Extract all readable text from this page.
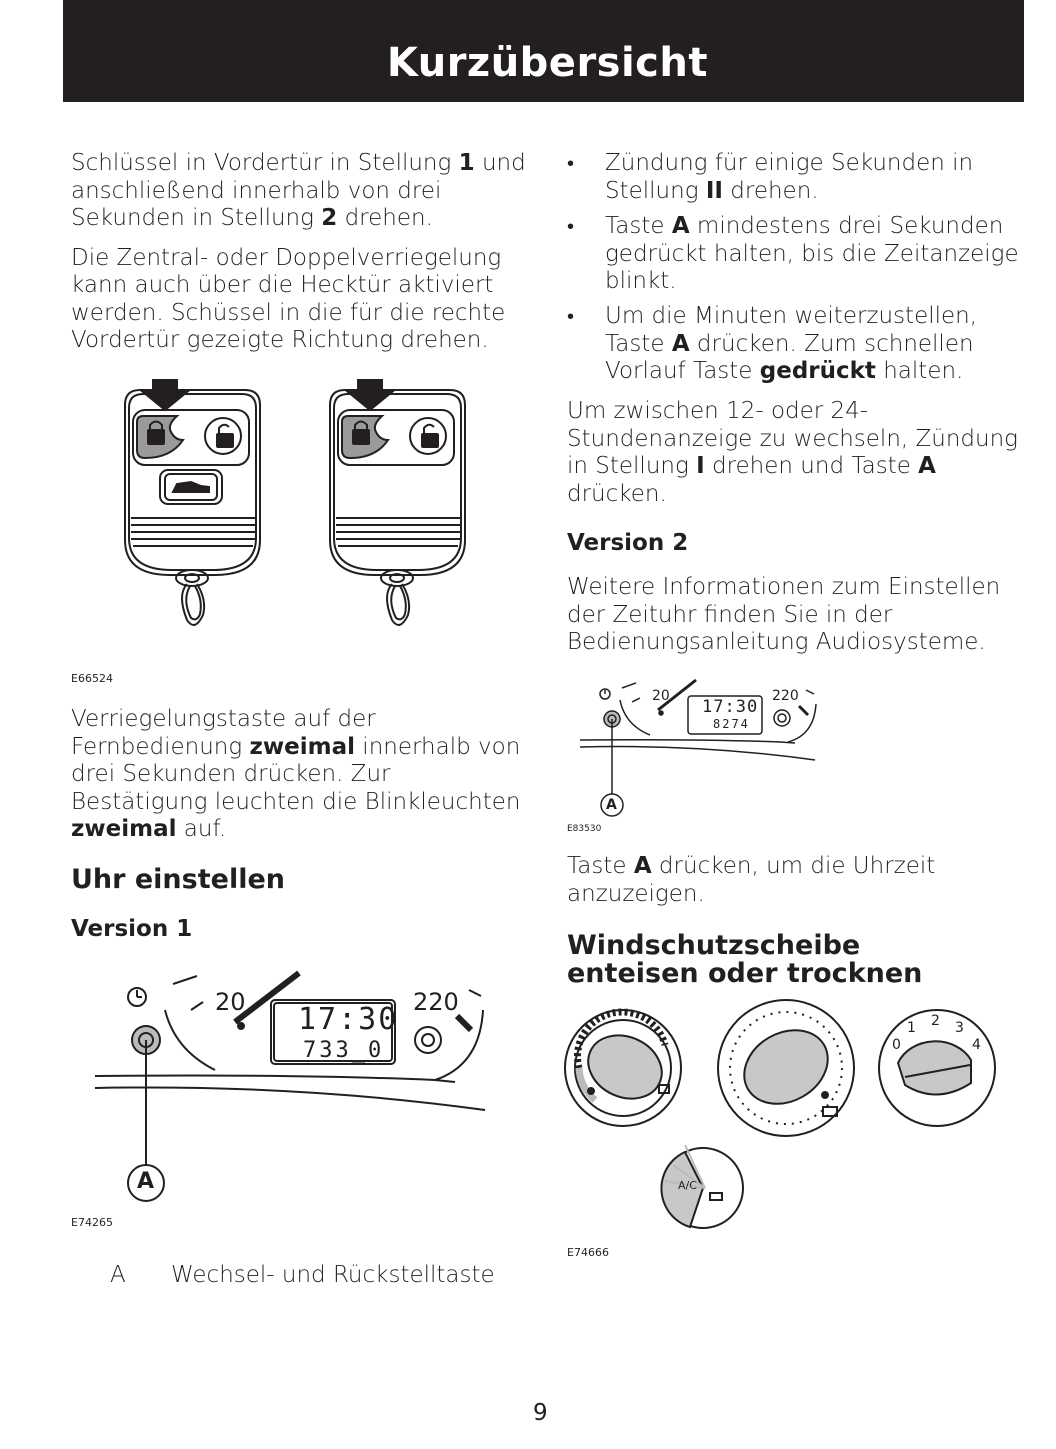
Kurzübersicht

Schlüssel in Vordertür in Stellung 1 und anschließend innerhalb von drei Sekunden in Stellung 2 drehen.

Die Zentral- oder Doppelverriegelung kann auch über die Hecktür aktiviert werden. Schüssel in die für die rechte Vordertür gezeigte Richtung drehen.

E66524

Verriegelungstaste auf der Fernbedienung zweimal innerhalb von drei Sekunden drücken. Zur Bestätigung leuchten die Blinkleuchten zweimal auf.

Uhr einstellen
Version 1
20	220
17:30
733_0
A
E74265
A Wechsel- und Rückstelltaste
• Zündung für einige Sekunden in Stellung II drehen.
• Taste A mindestens drei Sekunden gedrückt halten, bis die Zeitanzeige blinkt.
• Um die Minuten weiterzustellen, Taste A drücken. Zum schnellen Vorlauf Taste gedrückt halten.

Um zwischen 12- oder 24-Stundenanzeige zu wechseln, Zündung in Stellung I drehen und Taste A drücken.

Version 2

Weitere Informationen zum Einstellen der Zeituhr finden Sie in der Bedienungsanleitung Audiosysteme.

20	220
17:30
8274
A
E83530

Taste A drücken, um die Uhrzeit anzuzeigen.

Windschutzscheibe enteisen oder trocknen
0
1 2 3
4
A/C
E74666
9
